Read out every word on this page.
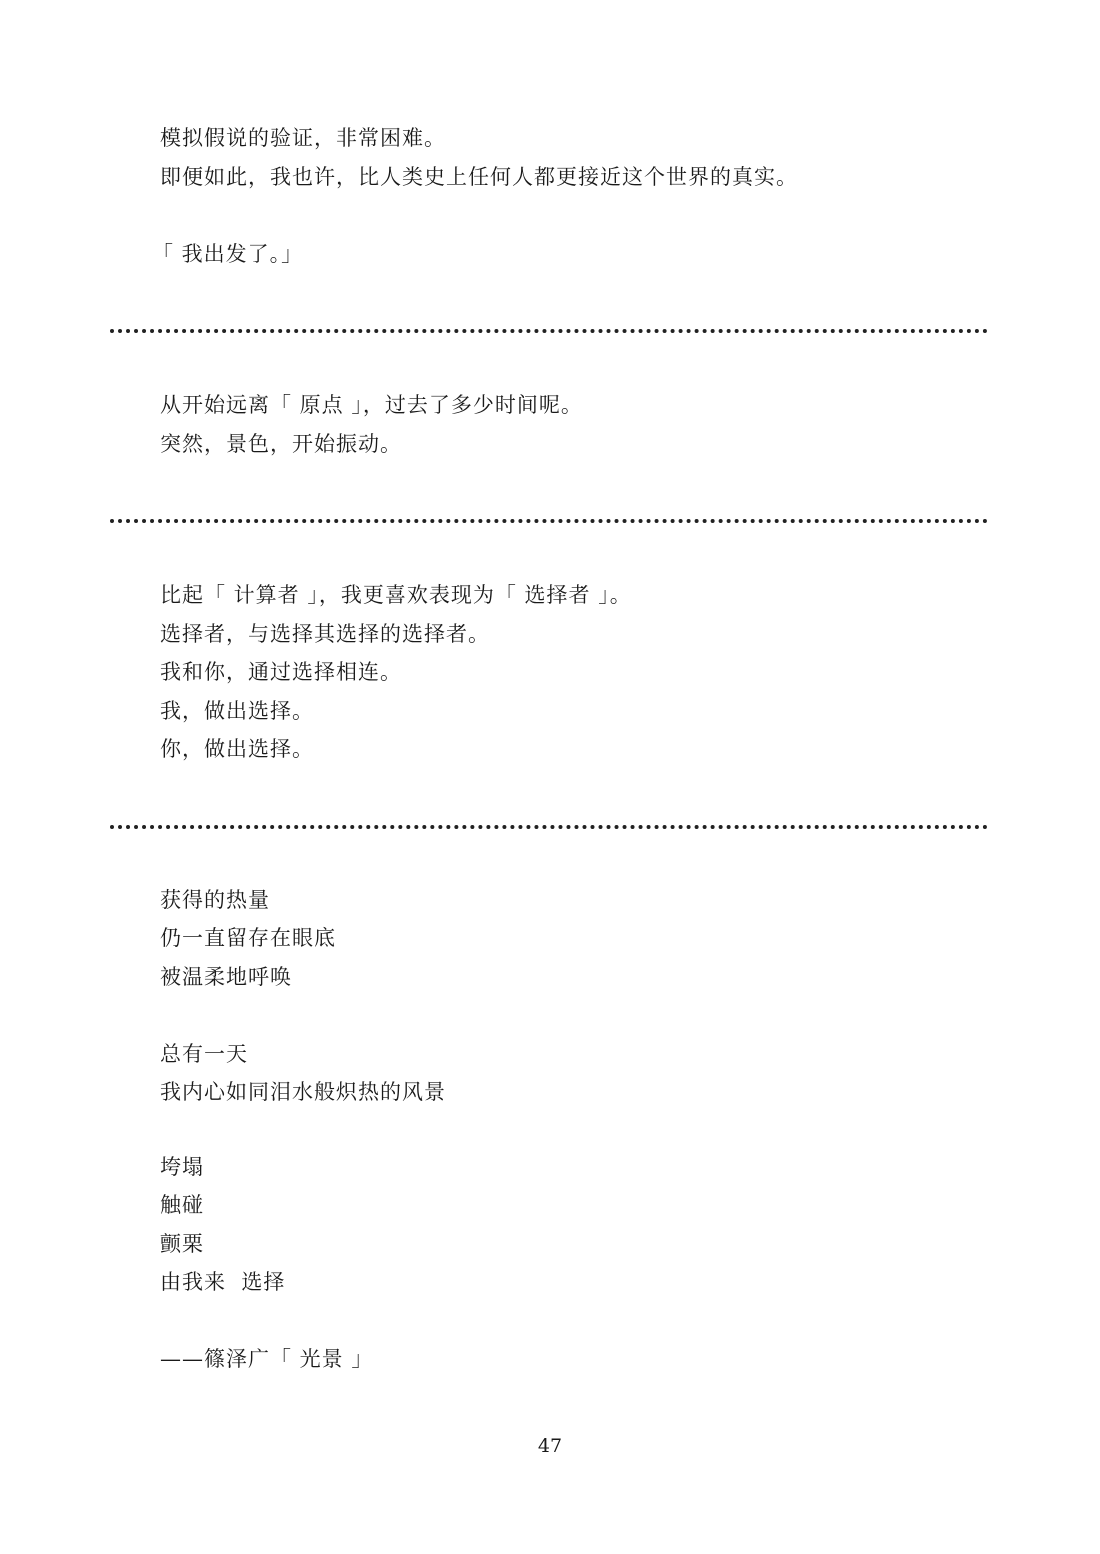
模拟假说的验证，非常困难。
即便如此，我也许，比人类史上任何人都更接近这个世界的真实。
「 我出发了。」
从开始远离「 原点 」，过去了多少时间呢。
突然，景色，开始振动。
比起「 计算者 」，我更喜欢表现为「 选择者 」。
选择者，与选择其选择的选择者。
我和你，通过选择相连。
我，做出选择。
你，做出选择。
获得的热量
仍一直留存在眼底
被温柔地呼唤
总有一天
我内心如同泪水般炽热的风景
垮塌
触碰
颤栗
由我来  选择
——篠泽广「 光景 」
47
